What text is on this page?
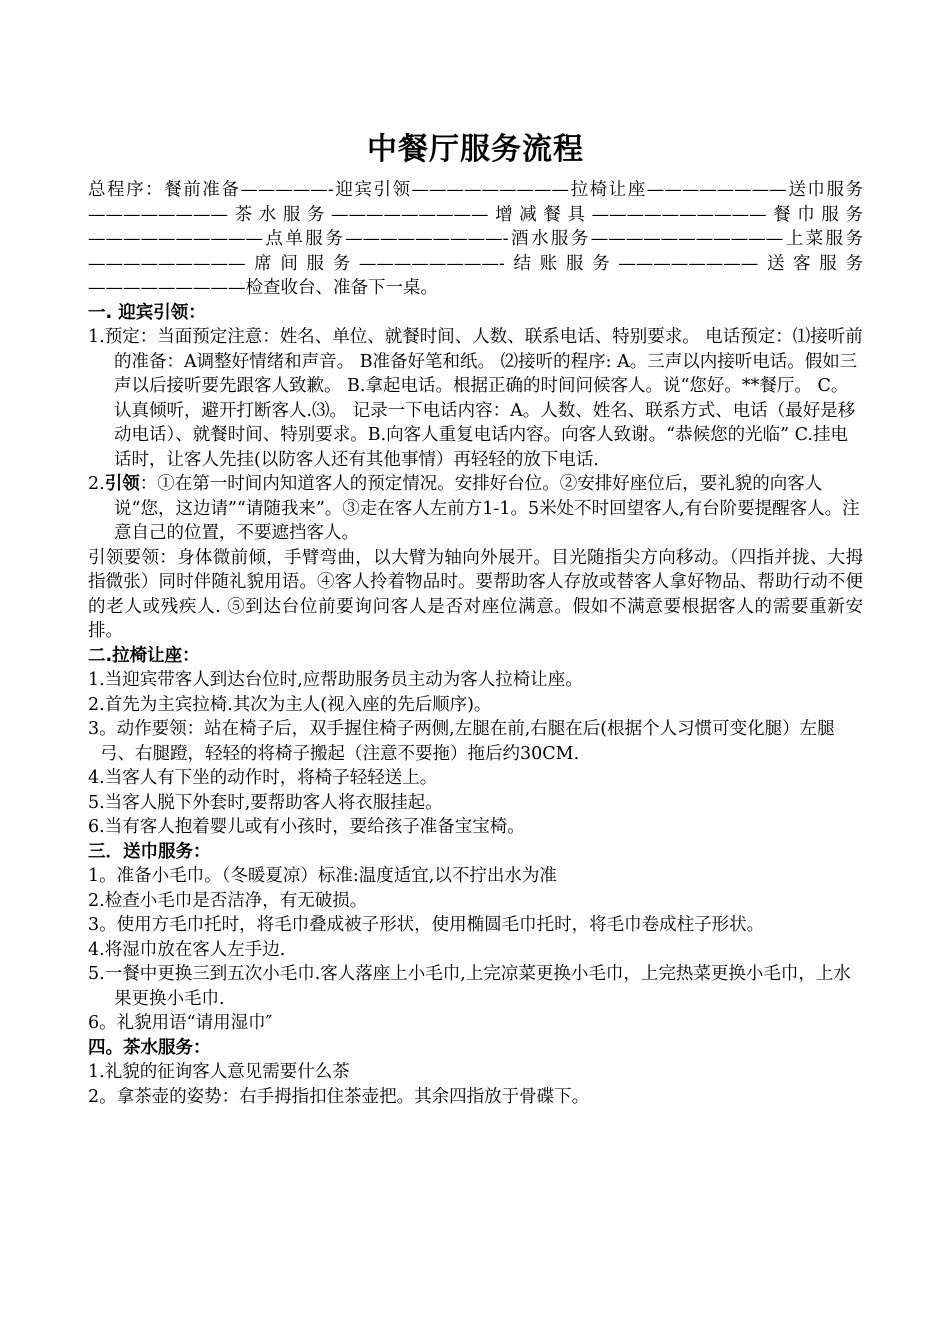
中餐厅服务流程

总程序：餐前准备—————-迎宾引领—————————拉椅让座————————送巾服务————————茶水服务—————————增减餐具——————————餐巾服务——————————点单服务—————————-酒水服务———————————上菜服务—————————席间服务————————-结账服务————————送客服务—————————检查收台、准备下一桌。

一. 迎宾引领：

1.预定：当面预定注意：姓名、单位、就餐时间、人数、联系电话、特别要求。 电话预定：⑴接听前的准备：A调整好情绪和声音。 B准备好笔和纸。 ⑵接听的程序: A。三声以内接听电话。假如三声以后接听要先跟客人致歉。 B.拿起电话。根据正确的时间问候客人。说“您好。**餐厅。 C。认真倾听，避开打断客人.⑶。 记录一下电话内容：A。人数、姓名、联系方式、电话（最好是移动电话）、就餐时间、特别要求。B.向客人重复电话内容。向客人致谢。“恭候您的光临” C.挂电话时，让客人先挂(以防客人还有其他事情）再轻轻的放下电话.

2.引领：①在第一时间内知道客人的预定情况。安排好台位。②安排好座位后，要礼貌的向客人说“您，这边请”“请随我来”。③走在客人左前方1-1。5米处不时回望客人,有台阶要提醒客人。注意自己的位置，不要遮挡客人。

引领要领：身体微前倾，手臂弯曲，以大臂为轴向外展开。目光随指尖方向移动。（四指并拢、大拇指微张）同时伴随礼貌用语。④客人拎着物品时。要帮助客人存放或替客人拿好物品、帮助行动不便的老人或残疾人. ⑤到达台位前要询问客人是否对座位满意。假如不满意要根据客人的需要重新安排。

二.拉椅让座：

1.当迎宾带客人到达台位时,应帮助服务员主动为客人拉椅让座。

2.首先为主宾拉椅.其次为主人(视入座的先后顺序)。

3。动作要领：站在椅子后，双手握住椅子两侧,左腿在前,右腿在后(根据个人习惯可变化腿）左腿弓、右腿蹬，轻轻的将椅子搬起（注意不要拖）拖后约30CM.

4.当客人有下坐的动作时，将椅子轻轻送上。

5.当客人脱下外套时,要帮助客人将衣服挂起。

6.当有客人抱着婴儿或有小孩时，要给孩子准备宝宝椅。

三．送巾服务：

1。准备小毛巾。（冬暖夏凉）标准:温度适宜,以不拧出水为准

2.检查小毛巾是否洁净，有无破损。

3。使用方毛巾托时，将毛巾叠成被子形状，使用椭圆毛巾托时，将毛巾卷成柱子形状。

4.将湿巾放在客人左手边.

5.一餐中更换三到五次小毛巾.客人落座上小毛巾,上完凉菜更换小毛巾，上完热菜更换小毛巾，上水果更换小毛巾.

6。礼貌用语“请用湿巾″

四。茶水服务：

1.礼貌的征询客人意见需要什么茶

2。拿茶壶的姿势：右手拇指扣住茶壶把。其余四指放于骨碟下。
